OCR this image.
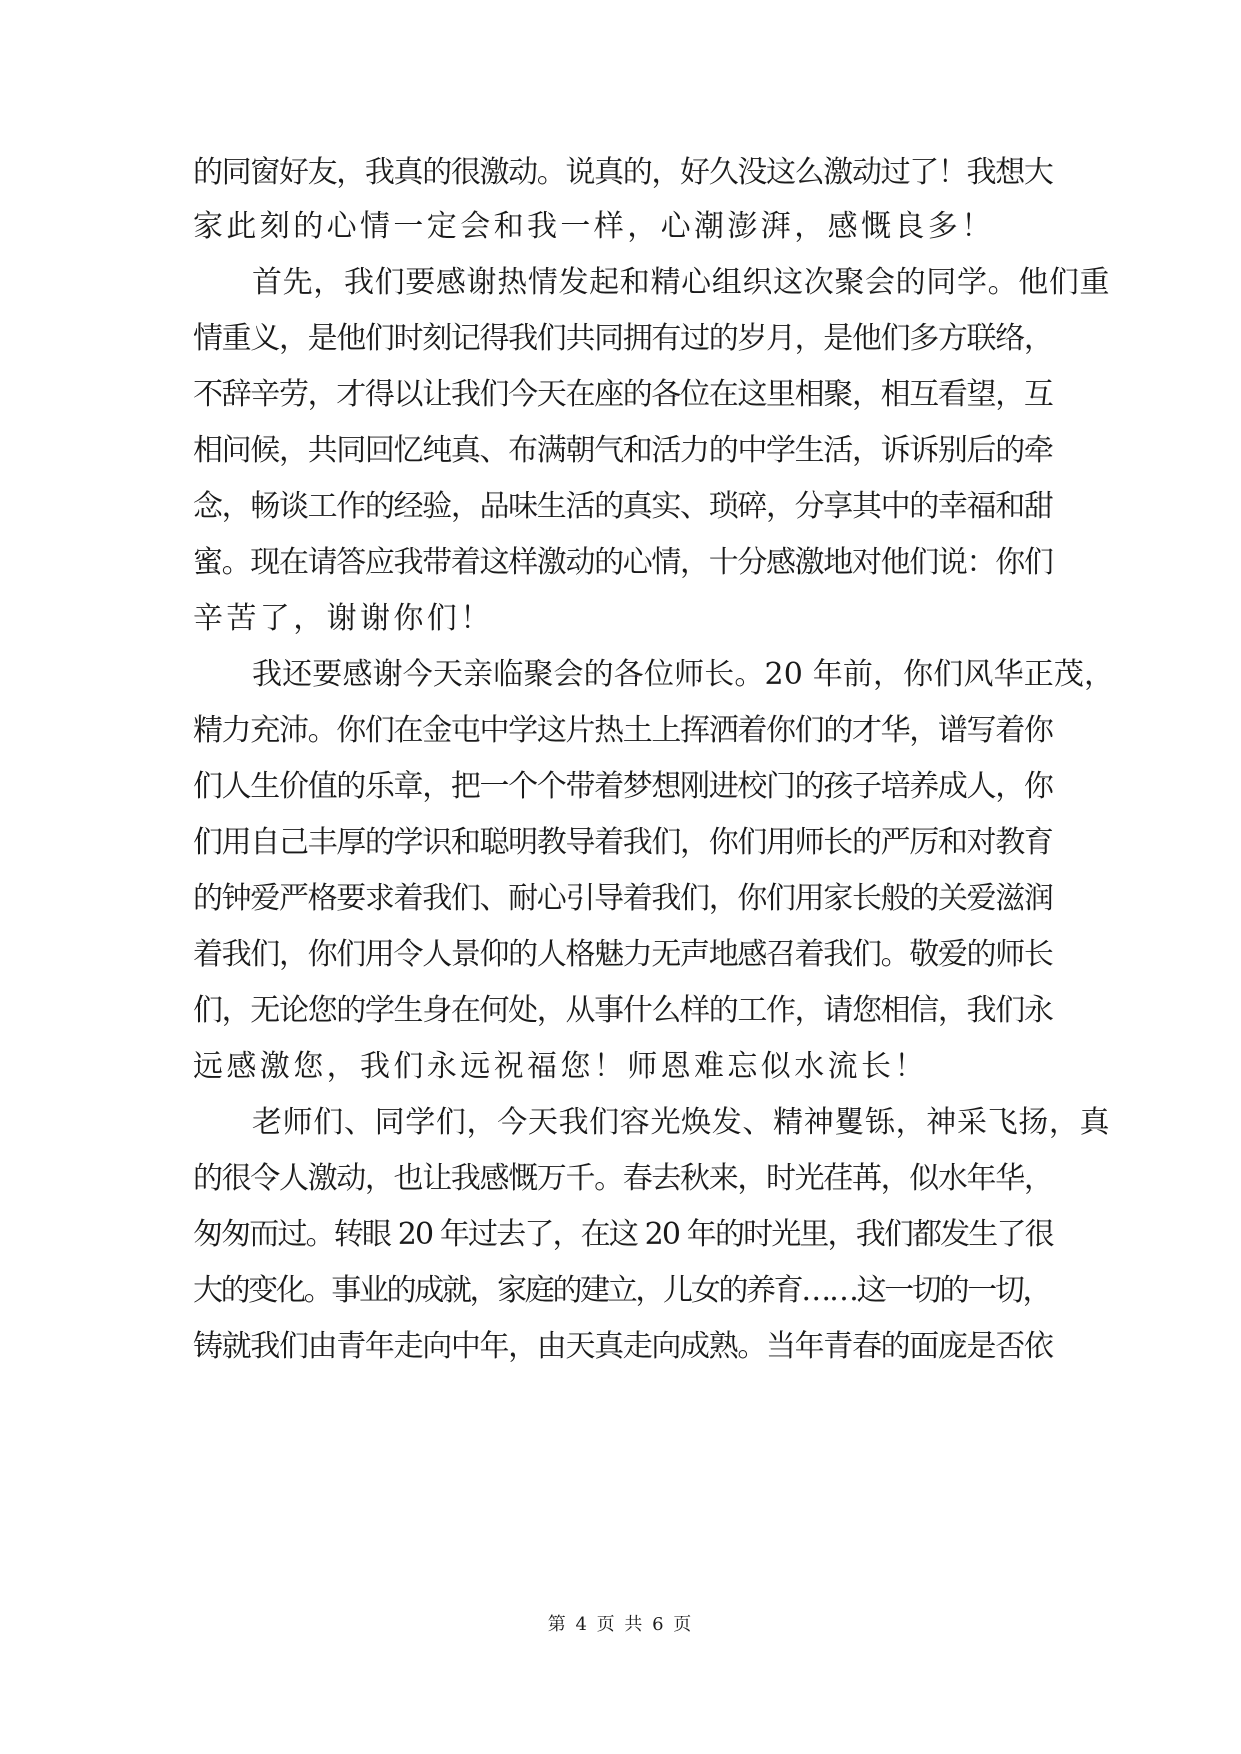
的同窗好友，我真的很激动。说真的，好久没这么激动过了！我想大
家此刻的心情一定会和我一样，心潮澎湃，感慨良多！
首先，我们要感谢热情发起和精心组织这次聚会的同学。他们重
情重义，是他们时刻记得我们共同拥有过的岁月，是他们多方联络，
不辞辛劳，才得以让我们今天在座的各位在这里相聚，相互看望，互
相问候，共同回忆纯真、布满朝气和活力的中学生活，诉诉别后的牵
念，畅谈工作的经验，品味生活的真实、琐碎，分享其中的幸福和甜
蜜。现在请答应我带着这样激动的心情，十分感激地对他们说：你们
辛苦了，谢谢你们！
我还要感谢今天亲临聚会的各位师长。20 年前，你们风华正茂，
精力充沛。你们在金屯中学这片热土上挥洒着你们的才华，谱写着你
们人生价值的乐章，把一个个带着梦想刚进校门的孩子培养成人，你
们用自己丰厚的学识和聪明教导着我们，你们用师长的严厉和对教育
的钟爱严格要求着我们、耐心引导着我们，你们用家长般的关爱滋润
着我们，你们用令人景仰的人格魅力无声地感召着我们。敬爱的师长
们，无论您的学生身在何处，从事什么样的工作，请您相信，我们永
远感激您，我们永远祝福您！师恩难忘似水流长！
老师们、同学们，今天我们容光焕发、精神矍铄，神采飞扬，真
的很令人激动，也让我感慨万千。春去秋来，时光荏苒，似水年华，
匆匆而过。转眼 20 年过去了，在这 20 年的时光里，我们都发生了很
大的变化。事业的成就，家庭的建立，儿女的养育……这一切的一切，
铸就我们由青年走向中年，由天真走向成熟。当年青春的面庞是否依
第 4 页 共 6 页
